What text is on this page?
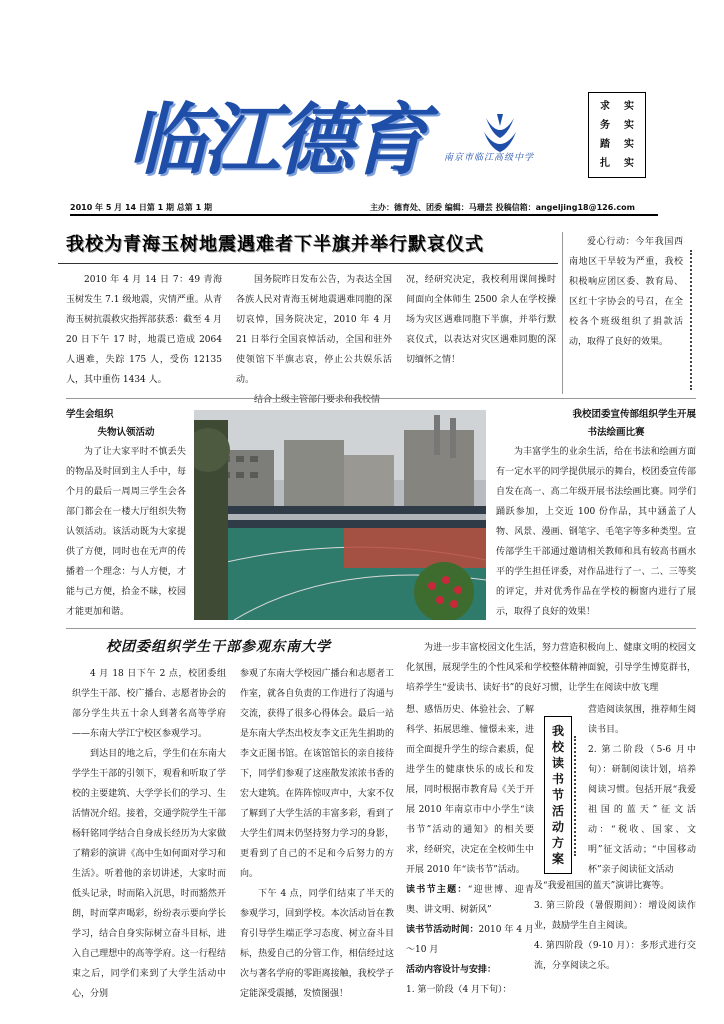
临 江 德 育 南京市临江高级中学
求	实
务	实
踏	实
扎	实
2010 年 5 月 14 日第 1 期 总第 1 期	主办：德育处、团委 编辑：马珊芸 投稿信箱：angeljing18@126.com
我校为青海玉树地震遇难者下半旗并举行默哀仪式

2010 年 4 月 14 日 7：49 青海玉树发生 7.1 级地震，灾情严重。从青海玉树抗震救灾指挥部获悉：截至 4 月 20 日下午 17 时，地震已造成 2064 人遇难，失踪 175 人，受伤 12135 人，其中重伤 1434 人。

国务院昨日发布公告，为表达全国各族人民对青海玉树地震遇难同胞的深切哀悼，国务院决定，2010 年 4 月 21 日举行全国哀悼活动，全国和驻外使领馆下半旗志哀，停止公共娱乐活动。

结合上级主管部门要求和我校情

况，经研究决定，我校利用课间操时间面向全体师生 2500 余人在学校操场为灾区遇难同胞下半旗，并举行默哀仪式，以表达对灾区遇难同胞的深切缅怀之情！

爱心行动：今年我国西南地区干旱较为严重，我校积极响应团区委、教育局、区红十字协会的号召，在全校各个班级组织了捐款活动，取得了良好的效果。

学生会组织
失物认领活动

为了让大家平时不慎丢失的物品及时回到主人手中，每个月的最后一周周三学生会各部门都会在一楼大厅组织失物认领活动。该活动既为大家提供了方便，同时也在无声的传播着一个理念：与人方便，才能与己方便，拾金不昧，校园才能更加和谐。

我校团委宣传部组织学生开展
书法绘画比赛

为丰富学生的业余生活，给在书法和绘画方面有一定水平的同学提供展示的舞台，校团委宣传部自发在高一、高二年级开展书法绘画比赛。同学们踊跃参加，上交近 100 份作品，其中涵盖了人物、风景、漫画、钢笔字、毛笔字等多种类型。宣传部学生干部通过邀请相关教师和具有较高书画水平的学生担任评委，对作品进行了一、二、三等奖的评定，并对优秀作品在学校的橱窗内进行了展示，取得了良好的效果！

校团委组织学生干部参观东南大学

4 月 18 日下午 2 点，校团委组织学生干部、校广播台、志愿者协会的部分学生共五十余人到著名高等学府——东南大学江宁校区参观学习。

到达目的地之后，学生们在东南大学学生干部的引领下，观看和听取了学校的主要建筑、大学学长们的学习、生活情况介绍。接着，交通学院学生干部杨轩铭同学结合自身成长经历为大家做了精彩的演讲《高中生如何面对学习和生活》。听着他的亲切讲述，大家时而低头记录，时而陷入沉思，时而豁然开朗，时而掌声喝彩，纷纷表示要向学长学习，结合自身实际树立奋斗目标，进入自己理想中的高等学府。这一行程结束之后，同学们来到了大学生活动中心，分别

参观了东南大学校园广播台和志愿者工作室，就各自负责的工作进行了沟通与交流，获得了很多心得体会。最后一站是东南大学杰出校友李文正先生捐助的李文正图书馆。在该馆馆长的亲自接待下，同学们参观了这座散发浓浓书香的宏大建筑。在阵阵惊叹声中，大家不仅了解到了大学生活的丰富多彩，看到了大学生们周末仍坚持努力学习的身影，更看到了自己的不足和今后努力的方向。

下午 4 点，同学们结束了半天的参观学习，回到学校。本次活动旨在教育引导学生端正学习态度、树立奋斗目标，热爱自己的分管工作，相信经过这次与著名学府的零距离接触，我校学子定能深受震撼，发愤图强！

为进一步丰富校园文化生活，努力营造积极向上、健康文明的校园文化氛围，展现学生的个性风采和学校整体精神面貌，引导学生博览群书，培养学生“爱读书、读好书”的良好习惯，让学生在阅读中放飞理

想、感悟历史、体验社会、了解科学、拓展思维、憧憬未来，进而全面提升学生的综合素质，促进学生的健康快乐的成长和发展，同时根据市教育局《关于开展 2010 年南京市中小学生“读书节”活动的通知》的相关要求，经研究，决定在全校师生中开展 2010 年“读书节”活动。

读书节主题：“迎世博、迎青奥、讲文明、树新风”

读书节活动时间：2010 年 4 月～10 月

活动内容设计与安排：

1. 第一阶段（4 月下旬）：

我校读书节活动方案

营造阅读氛围，推荐师生阅读书目。

2. 第二阶段（5-6 月中旬）：研制阅读计划，培养阅读习惯。包括开展“我爱祖国的蓝天”征文活动：“税收、国家、文明”征文活动；“中国移动杯”亲子阅读征文活动

及“我爱祖国的蓝天”演讲比赛等。

3. 第三阶段（暑假期间）：增设阅读作业，鼓励学生自主阅读。

4. 第四阶段（9-10 月）：多形式进行交流，分享阅读之乐。
